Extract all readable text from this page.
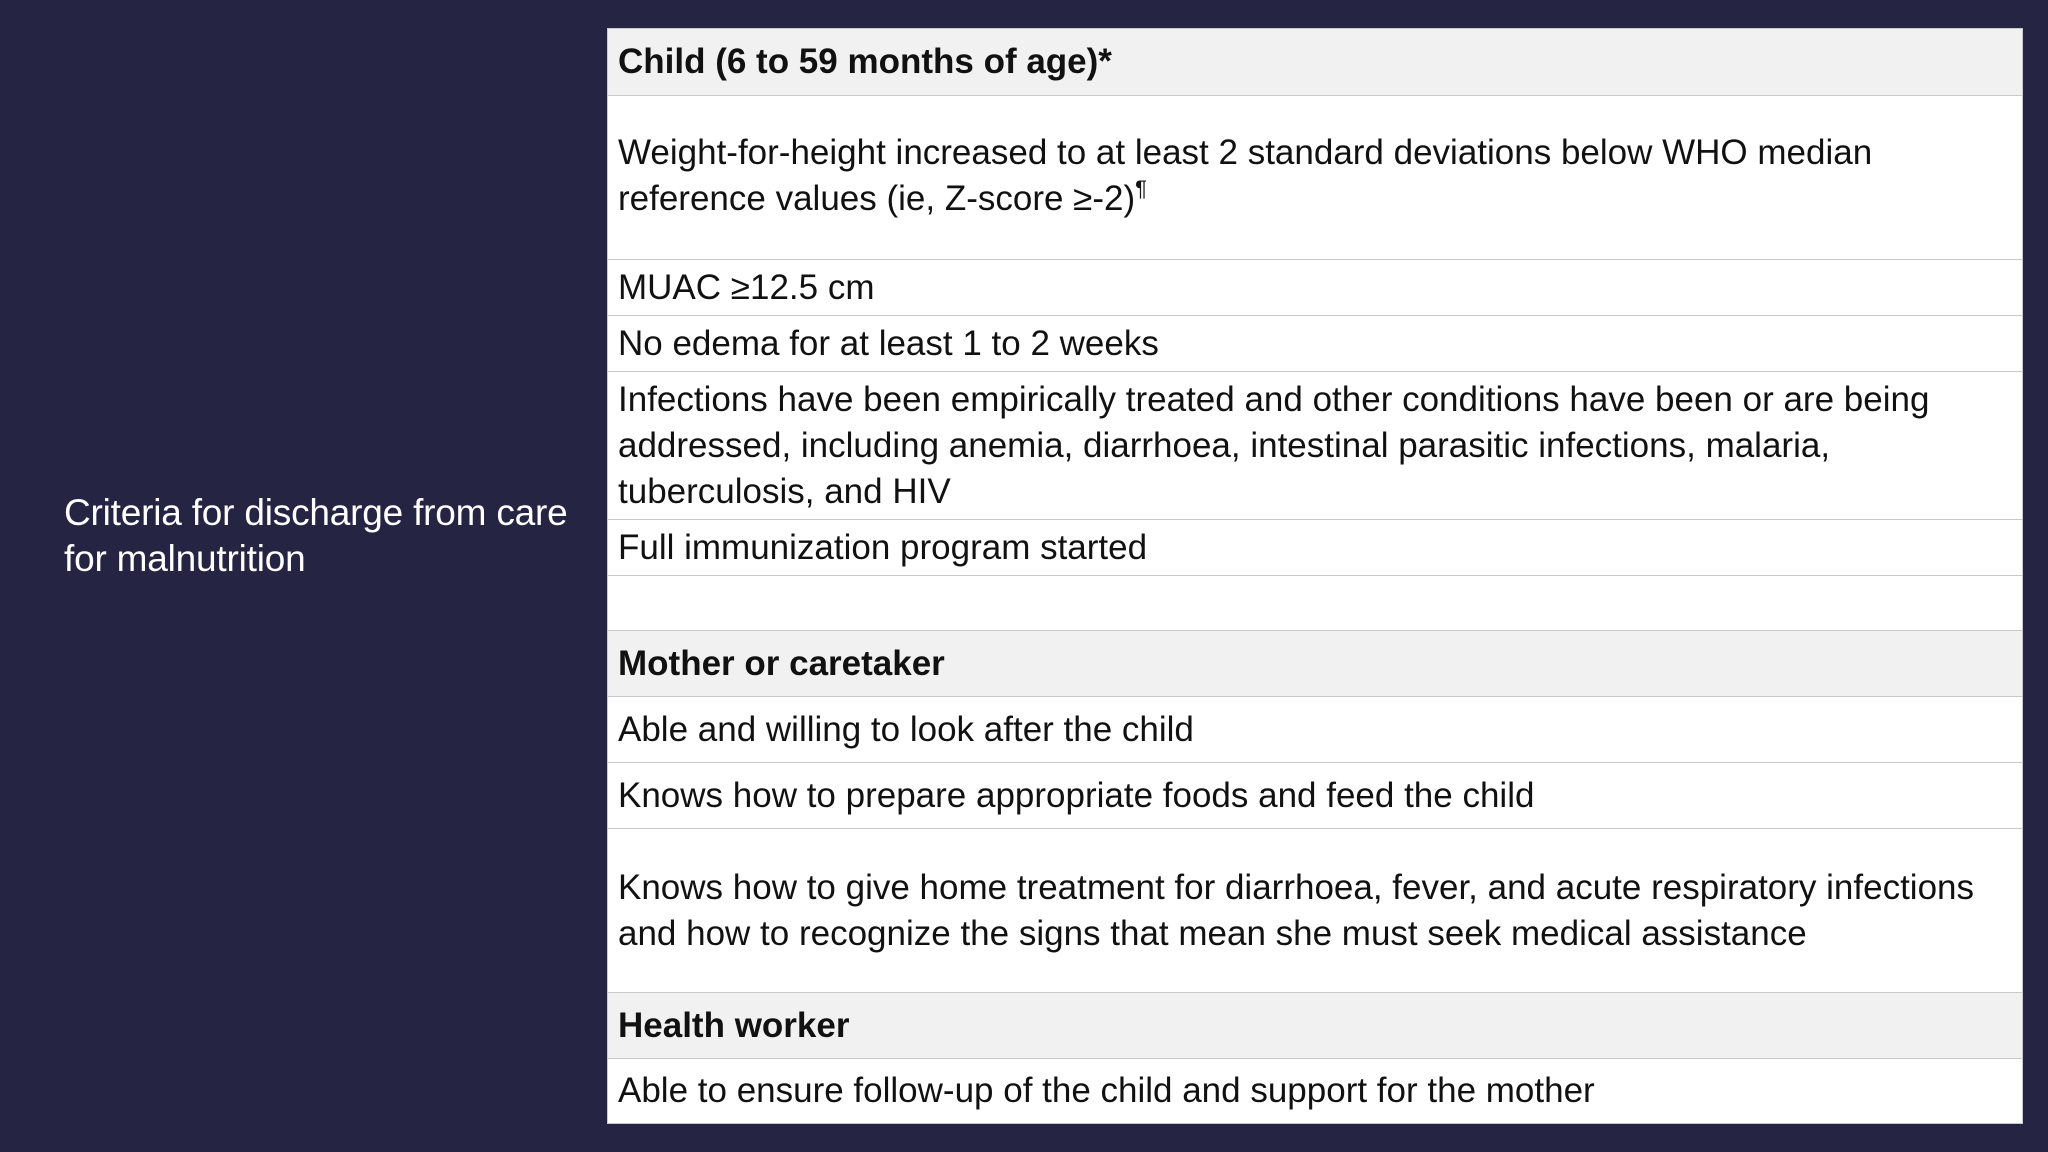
Criteria for discharge from care for malnutrition
Child (6 to 59 months of age)*
Weight-for-height increased to at least 2 standard deviations below WHO median reference values (ie, Z-score ≥-2)¶
MUAC ≥12.5 cm
No edema for at least 1 to 2 weeks
Infections have been empirically treated and other conditions have been or are being addressed, including anemia, diarrhoea, intestinal parasitic infections, malaria, tuberculosis, and HIV
Full immunization program started
Mother or caretaker
Able and willing to look after the child
Knows how to prepare appropriate foods and feed the child
Knows how to give home treatment for diarrhoea, fever, and acute respiratory infections and how to recognize the signs that mean she must seek medical assistance
Health worker
Able to ensure follow-up of the child and support for the mother
